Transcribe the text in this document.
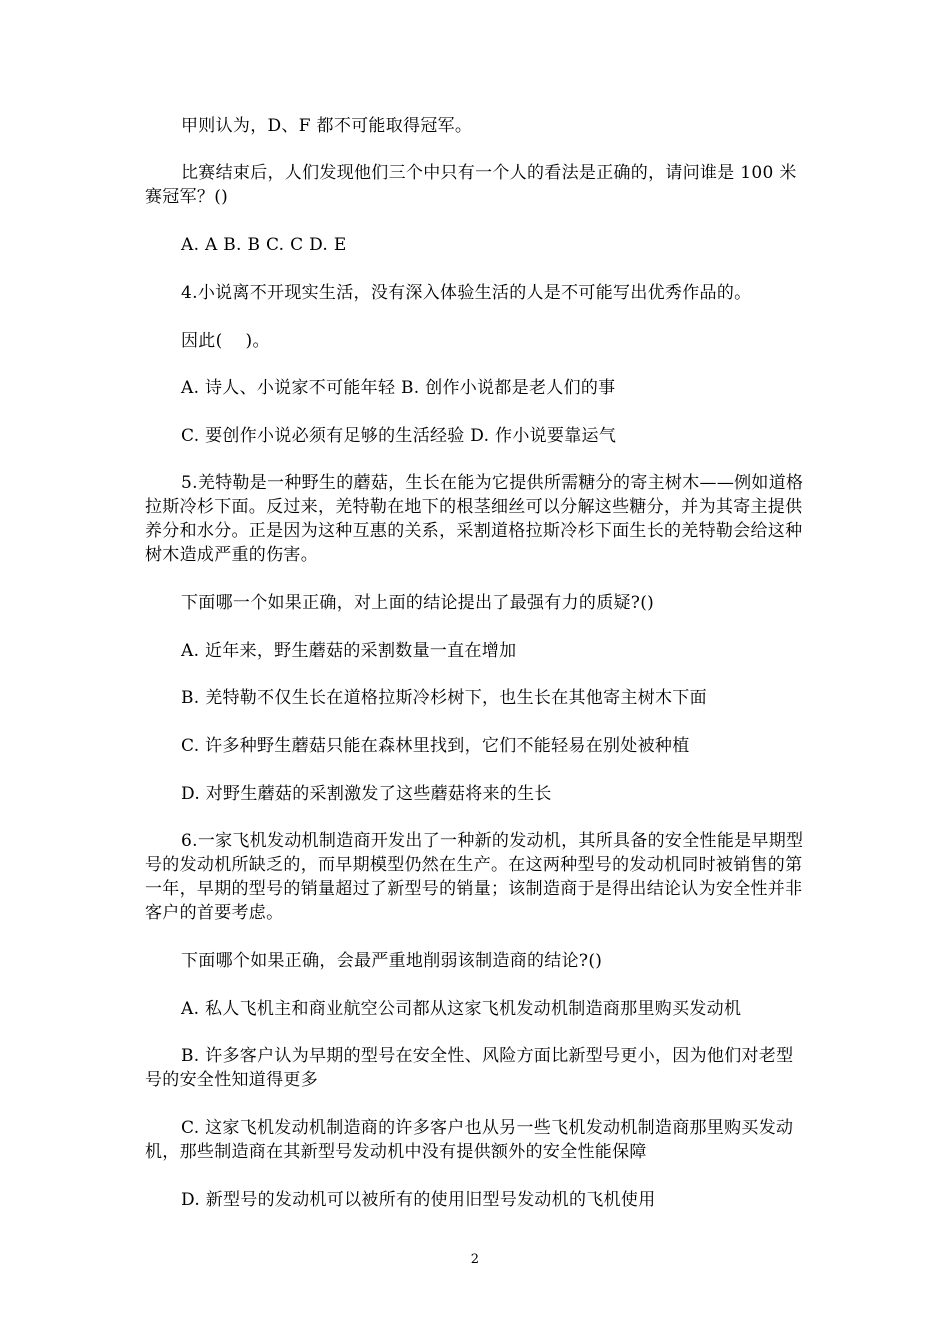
甲则认为，D、F 都不可能取得冠军。

比赛结束后，人们发现他们三个中只有一个人的看法是正确的，请问谁是 100 米赛冠军？()

A. A B. B C. C D. E

4.小说离不开现实生活，没有深入体验生活的人是不可能写出优秀作品的。

因此(　 )。

A. 诗人、小说家不可能年轻 B. 创作小说都是老人们的事

C. 要创作小说必须有足够的生活经验 D. 作小说要靠运气

5.羌特勒是一种野生的蘑菇，生长在能为它提供所需糖分的寄主树木——例如道格拉斯冷杉下面。反过来，羌特勒在地下的根茎细丝可以分解这些糖分，并为其寄主提供养分和水分。正是因为这种互惠的关系，采割道格拉斯冷杉下面生长的羌特勒会给这种树木造成严重的伤害。

下面哪一个如果正确，对上面的结论提出了最强有力的质疑?()

A. 近年来，野生蘑菇的采割数量一直在增加

B. 羌特勒不仅生长在道格拉斯冷杉树下，也生长在其他寄主树木下面

C. 许多种野生蘑菇只能在森林里找到，它们不能轻易在别处被种植

D. 对野生蘑菇的采割激发了这些蘑菇将来的生长

6.一家飞机发动机制造商开发出了一种新的发动机，其所具备的安全性能是早期型号的发动机所缺乏的，而早期模型仍然在生产。在这两种型号的发动机同时被销售的第一年，早期的型号的销量超过了新型号的销量；该制造商于是得出结论认为安全性并非客户的首要考虑。

下面哪个如果正确，会最严重地削弱该制造商的结论?()

A. 私人飞机主和商业航空公司都从这家飞机发动机制造商那里购买发动机

B. 许多客户认为早期的型号在安全性、风险方面比新型号更小，因为他们对老型号的安全性知道得更多

C. 这家飞机发动机制造商的许多客户也从另一些飞机发动机制造商那里购买发动机，那些制造商在其新型号发动机中没有提供额外的安全性能保障

D. 新型号的发动机可以被所有的使用旧型号发动机的飞机使用

2
